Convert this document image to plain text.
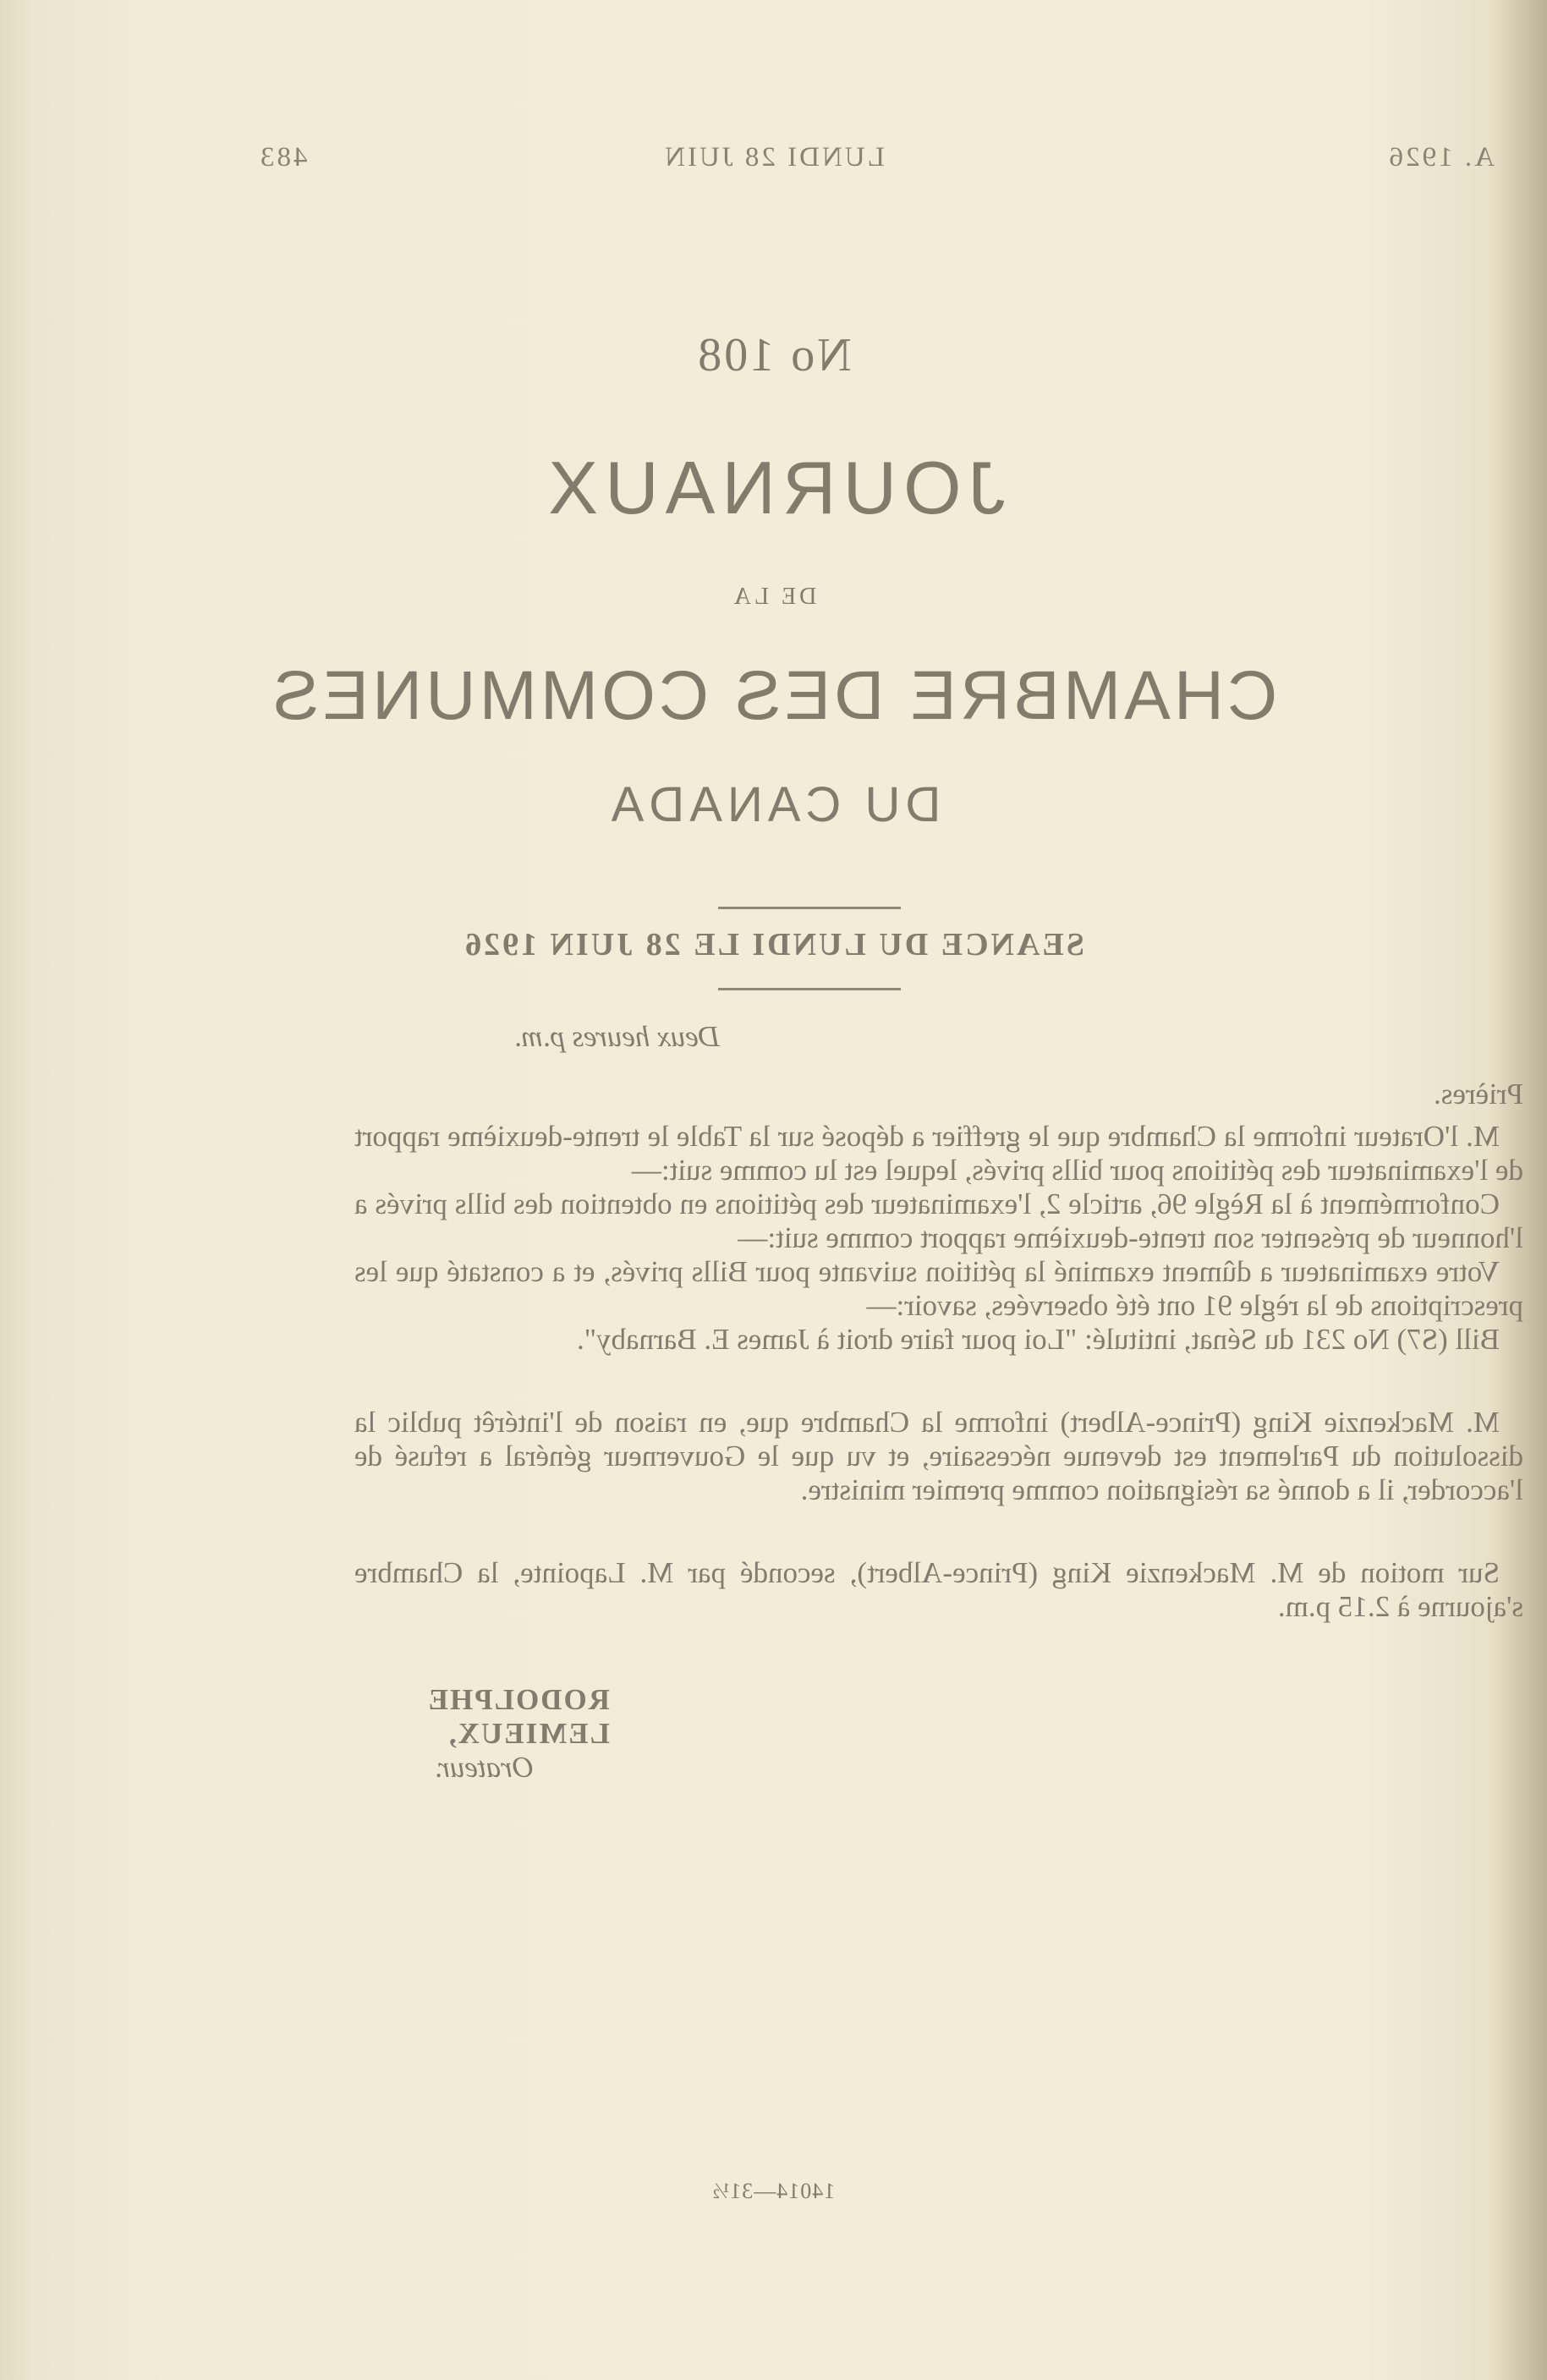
A. 1926
LUNDI 28 JUIN
483
No 108
JOURNAUX
DE LA
CHAMBRE DES COMMUNES
DU CANADA
SEANCE DU LUNDI LE 28 JUIN 1926

Deux heures p.m.

Prières.

M. l'Orateur informe la Chambre que le greffier a déposé sur la Table le trente-deuxième rapport de l'examinateur des pétitions pour bills privés, lequel est lu comme suit:—

Conformément à la Règle 96, article 2, l'examinateur des pétitions en obtention des bills privés a l'honneur de présenter son trente-deuxième rapport comme suit:—

Votre examinateur a dûment examiné la pétition suivante pour Bills privés, et a constaté que les prescriptions de la règle 91 ont été observées, savoir:—

Bill (S7) No 231 du Sénat, intitulé: "Loi pour faire droit à James E. Barnaby".

M. Mackenzie King (Prince-Albert) informe la Chambre que, en raison de l'intérêt public la dissolution du Parlement est devenue nécessaire, et vu que le Gouverneur général a refusé de l'accorder, il a donné sa résignation comme premier ministre.

Sur motion de M. Mackenzie King (Prince-Albert), secondé par M. Lapointe, la Chambre s'ajourne à 2.15 p.m.

RODOLPHE LEMIEUX,

Orateur.

14014—31½
